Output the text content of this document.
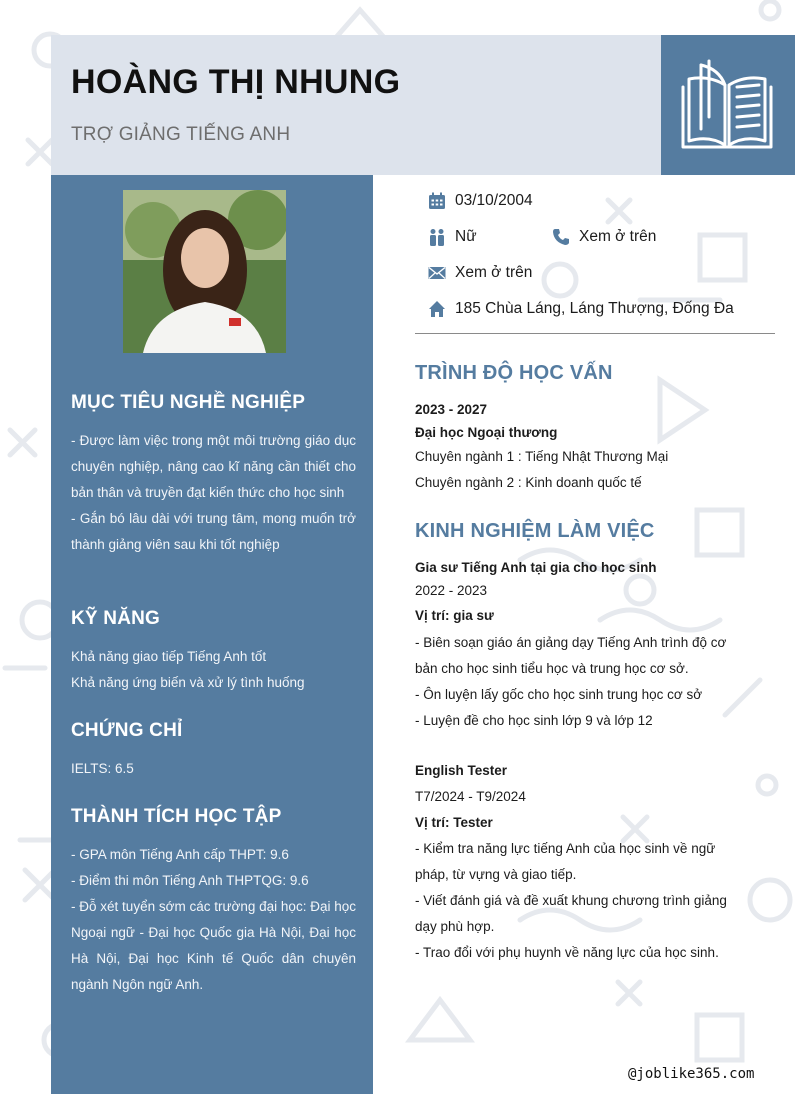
HOÀNG THỊ NHUNG
TRỢ GIẢNG TIẾNG ANH
MỤC TIÊU NGHỀ NGHIỆP

- Được làm việc trong một môi trường giáo dục chuyên nghiệp, nâng cao kĩ năng cần thiết cho bản thân và truyền đạt kiến thức cho học sinh

- Gắn bó lâu dài với trung tâm, mong muốn trở thành giảng viên sau khi tốt nghiệp

KỸ NĂNG

Khả năng giao tiếp Tiếng Anh tốt

Khả năng ứng biến và xử lý tình huống

CHỨNG CHỈ

IELTS: 6.5

THÀNH TÍCH HỌC TẬP

- GPA môn Tiếng Anh cấp THPT: 9.6

- Điểm thi môn Tiếng Anh THPTQG: 9.6

- Đỗ xét tuyển sớm các trường đại học: Đại học Ngoại ngữ - Đại học Quốc gia Hà Nội, Đại học Hà Nội, Đại học Kinh tế Quốc dân chuyên ngành Ngôn ngữ Anh.

03/10/2004
Nữ	Xem ở trên
Xem ở trên
185 Chùa Láng, Láng Thượng, Đống Đa
TRÌNH ĐỘ HỌC VẤN
2023 - 2027
Đại học Ngoại thương
Chuyên ngành 1 : Tiếng Nhật Thương Mại
Chuyên ngành 2 : Kinh doanh quốc tế
KINH NGHIỆM LÀM VIỆC
Gia sư Tiếng Anh tại gia cho học sinh
2022 - 2023
Vị trí: gia sư
- Biên soạn giáo án giảng dạy Tiếng Anh trình độ cơ bản cho học sinh tiểu học và trung học cơ sở.
- Ôn luyện lấy gốc cho học sinh trung học cơ sở
- Luyện đề cho học sinh lớp 9 và lớp 12
English Tester
T7/2024 - T9/2024
Vị trí: Tester
- Kiểm tra năng lực tiếng Anh của học sinh về ngữ pháp, từ vựng và giao tiếp.
- Viết đánh giá và đề xuất khung chương trình giảng dạy phù hợp.
- Trao đổi với phụ huynh về năng lực của học sinh.
@joblike365.com
